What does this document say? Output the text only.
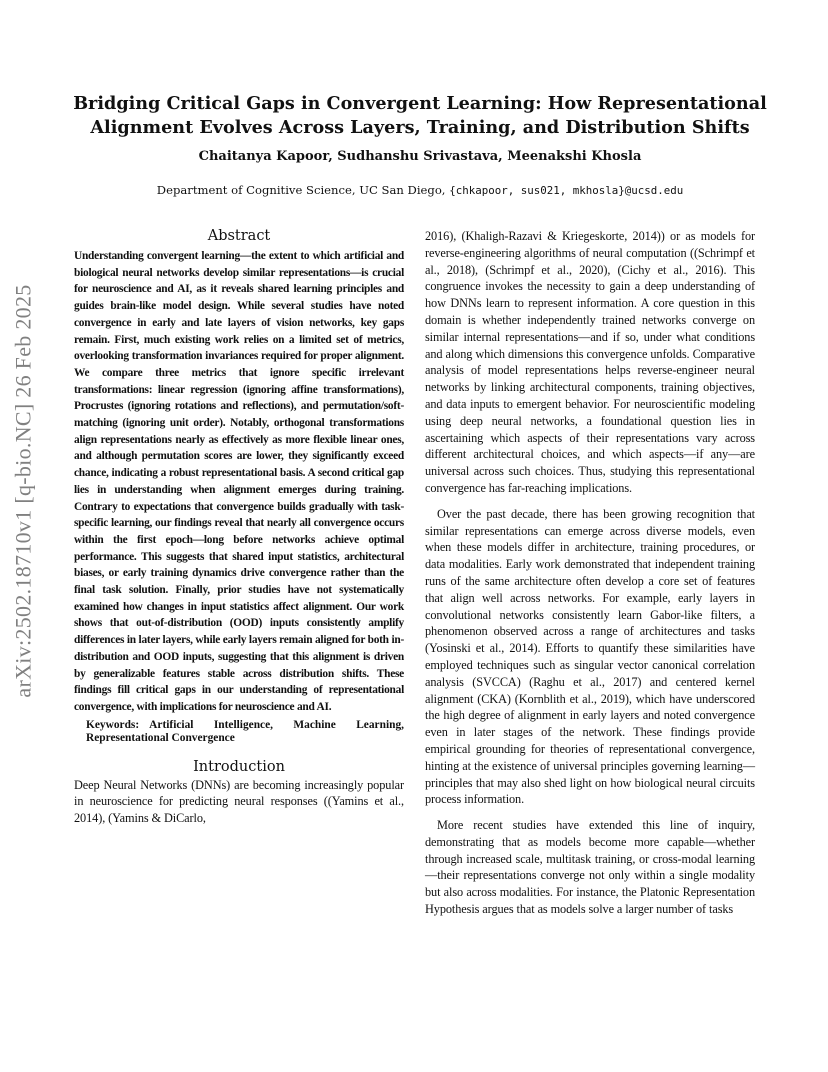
arXiv:2502.18710v1 [q-bio.NC] 26 Feb 2025
Bridging Critical Gaps in Convergent Learning: How Representational
Alignment Evolves Across Layers, Training, and Distribution Shifts
Chaitanya Kapoor, Sudhanshu Srivastava, Meenakshi Khosla
Department of Cognitive Science, UC San Diego, {chkapoor, sus021, mkhosla}@ucsd.edu
Abstract

Understanding convergent learning—the extent to which artificial and biological neural networks develop similar representations—is crucial for neuroscience and AI, as it reveals shared learning principles and guides brain-like model design. While several studies have noted convergence in early and late layers of vision networks, key gaps remain. First, much existing work relies on a limited set of metrics, overlooking transformation invariances required for proper alignment. We compare three metrics that ignore specific irrelevant transformations: linear regression (ignoring affine transformations), Procrustes (ignoring rotations and reflections), and permutation/soft-matching (ignoring unit order). Notably, orthogonal transformations align representations nearly as effectively as more flexible linear ones, and although permutation scores are lower, they significantly exceed chance, indicating a robust representational basis. A second critical gap lies in understanding when alignment emerges during training. Contrary to expectations that convergence builds gradually with task-specific learning, our findings reveal that nearly all convergence occurs within the first epoch—long before networks achieve optimal performance. This suggests that shared input statistics, architectural biases, or early training dynamics drive convergence rather than the final task solution. Finally, prior studies have not systematically examined how changes in input statistics affect alignment. Our work shows that out-of-distribution (OOD) inputs consistently amplify differences in later layers, while early layers remain aligned for both in-distribution and OOD inputs, suggesting that this alignment is driven by generalizable features stable across distribution shifts. These findings fill critical gaps in our understanding of representational convergence, with implications for neuroscience and AI.

Keywords: Artificial Intelligence, Machine Learning, Representational Convergence

Introduction

Deep Neural Networks (DNNs) are becoming increasingly popular in neuroscience for predicting neural responses ((Yamins et al., 2014), (Yamins & DiCarlo,

2016), (Khaligh-Razavi & Kriegeskorte, 2014)) or as models for reverse-engineering algorithms of neural computation ((Schrimpf et al., 2018), (Schrimpf et al., 2020), (Cichy et al., 2016). This congruence invokes the necessity to gain a deep understanding of how DNNs learn to represent information. A core question in this domain is whether independently trained networks converge on similar internal representations—and if so, under what conditions and along which dimensions this convergence unfolds. Comparative analysis of model representations helps reverse-engineer neural networks by linking architectural components, training objectives, and data inputs to emergent behavior. For neuroscientific modeling using deep neural networks, a foundational question lies in ascertaining which aspects of their representations vary across different architectural choices, and which aspects—if any—are universal across such choices. Thus, studying this representational convergence has far-reaching implications.

Over the past decade, there has been growing recognition that similar representations can emerge across diverse models, even when these models differ in architecture, training procedures, or data modalities. Early work demonstrated that independent training runs of the same architecture often develop a core set of features that align well across networks. For example, early layers in convolutional networks consistently learn Gabor-like filters, a phenomenon observed across a range of architectures and tasks (Yosinski et al., 2014). Efforts to quantify these similarities have employed techniques such as singular vector canonical correlation analysis (SVCCA) (Raghu et al., 2017) and centered kernel alignment (CKA) (Kornblith et al., 2019), which have underscored the high degree of alignment in early layers and noted convergence even in later stages of the network. These findings provide empirical grounding for theories of representational convergence, hinting at the existence of universal principles governing learning—principles that may also shed light on how biological neural circuits process information.

More recent studies have extended this line of inquiry, demonstrating that as models become more capable—whether through increased scale, multitask training, or cross-modal learning—their representations converge not only within a single modality but also across modalities. For instance, the Platonic Representation Hypothesis argues that as models solve a larger number of tasks
